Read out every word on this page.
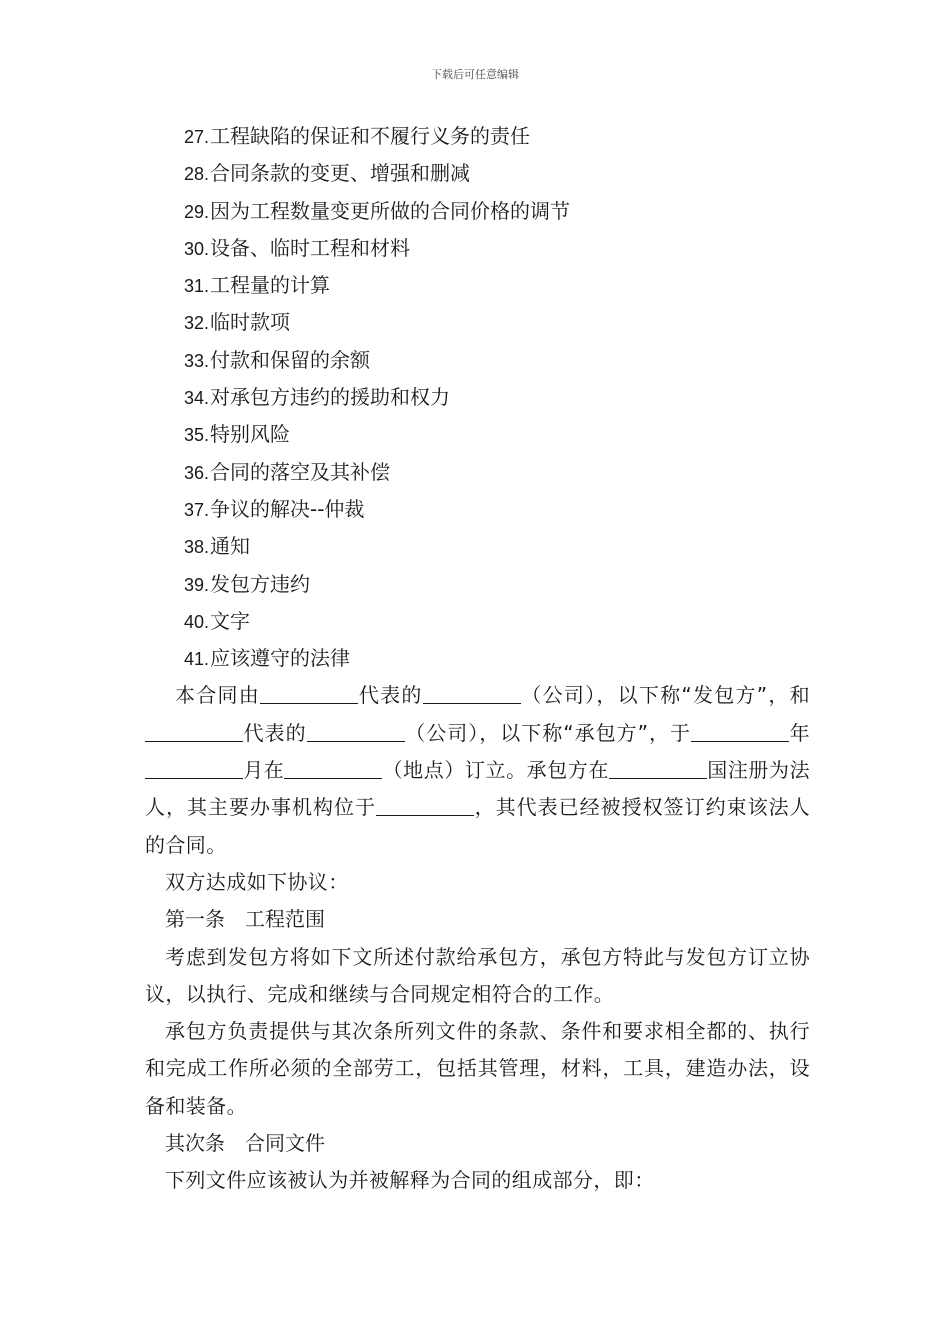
下载后可任意编辑
27.工程缺陷的保证和不履行义务的责任
28.合同条款的变更、增强和删减
29.因为工程数量变更所做的合同价格的调节
30.设备、临时工程和材料
31.工程量的计算
32.临时款项
33.付款和保留的余额
34.对承包方违约的援助和权力
35.特别风险
36.合同的落空及其补偿
37.争议的解决--仲裁
38.通知
39.发包方违约
40.文字
41.应该遵守的法律

本合同由	代表的	（公司），以下称“发包方”，和代表的	（公司），以下称“承包方”，于	年月在	（地点）订立。承包方在	国注册为法人，其主要办事机构位于	，其代表已经被授权签订约束该法人的合同。

双方达成如下协议：

第一条　工程范围

考虑到发包方将如下文所述付款给承包方，承包方特此与发包方订立协议，以执行、完成和继续与合同规定相符合的工作。

承包方负责提供与其次条所列文件的条款、条件和要求相全都的、执行和完成工作所必须的全部劳工，包括其管理，材料，工具，建造办法，设备和装备。

其次条　合同文件

下列文件应该被认为并被解释为合同的组成部分，即：
